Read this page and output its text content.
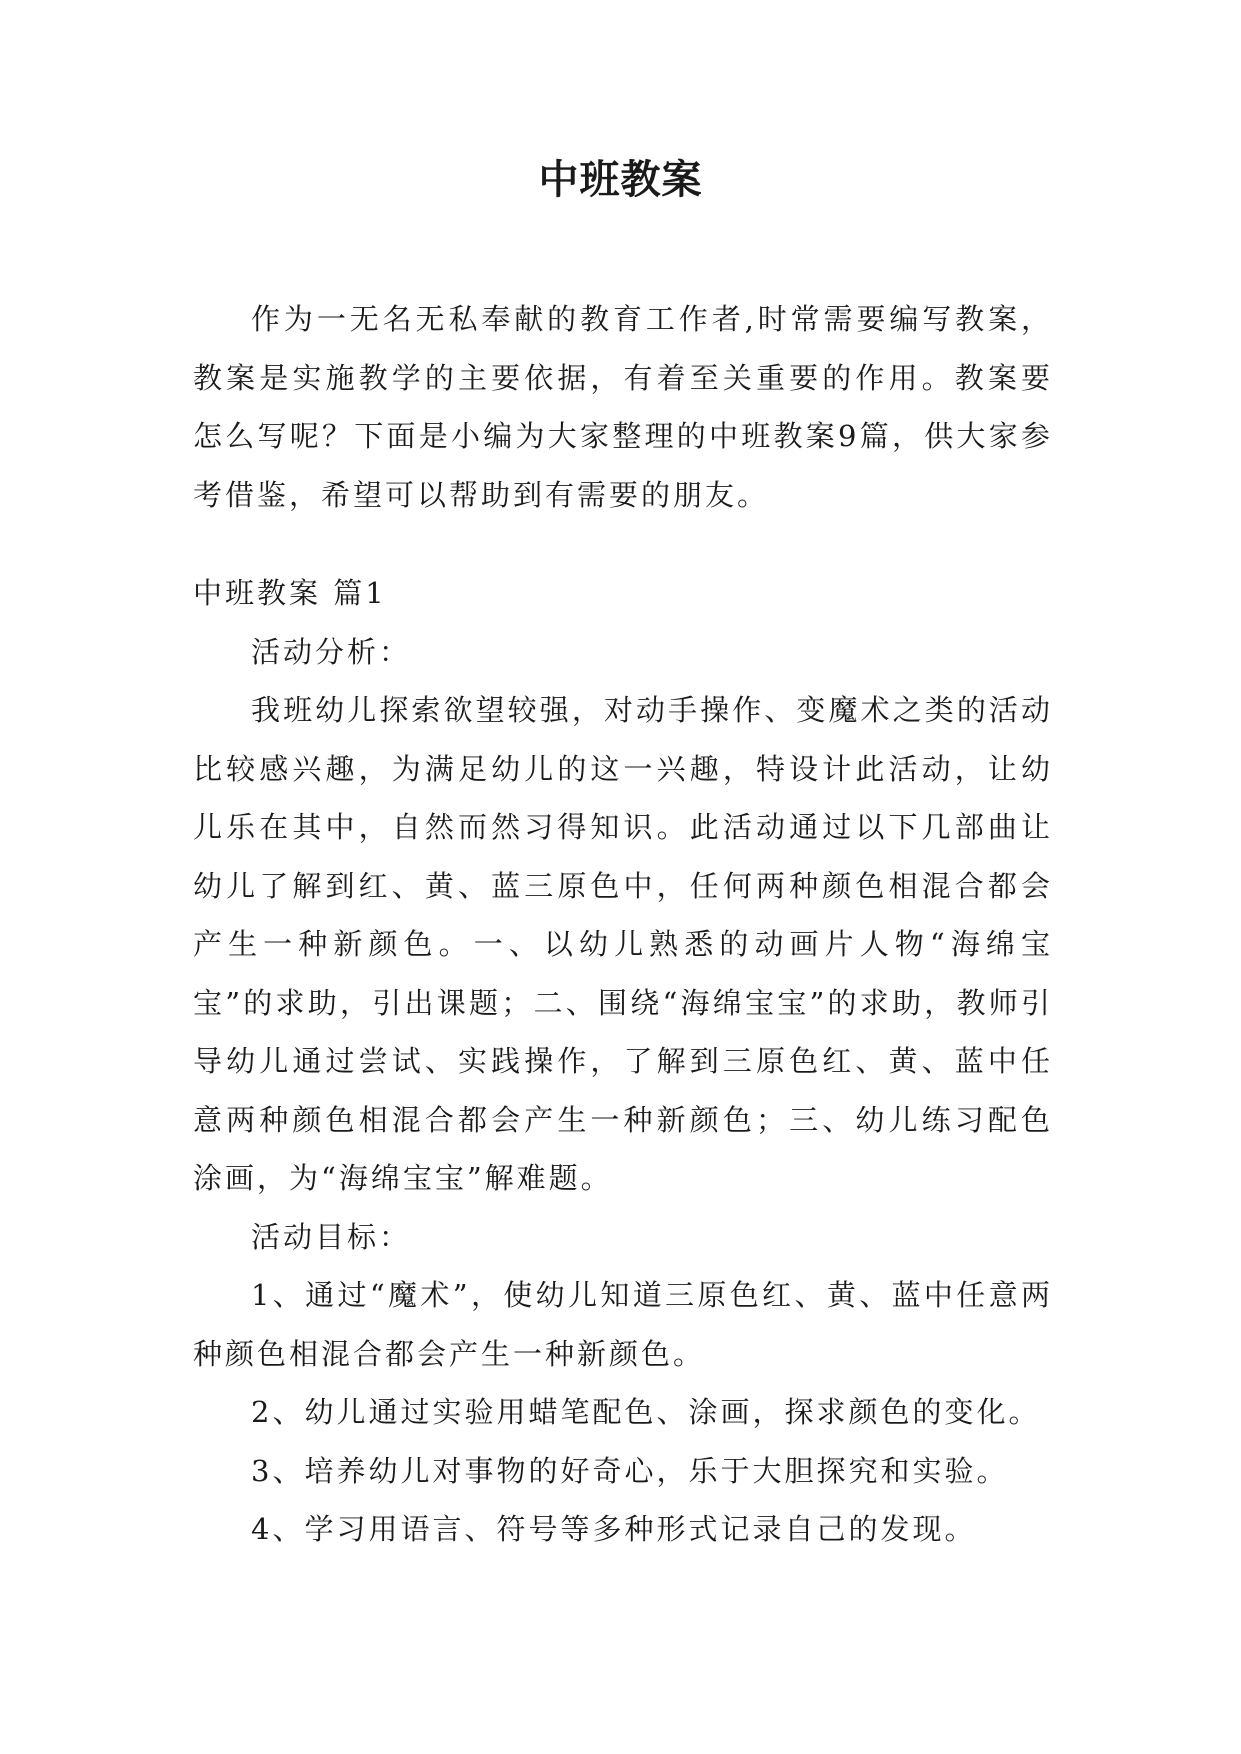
中班教案

作为一无名无私奉献的教育工作者,时常需要编写教案，教案是实施教学的主要依据，有着至关重要的作用。教案要怎么写呢？下面是小编为大家整理的中班教案9篇，供大家参考借鉴，希望可以帮助到有需要的朋友。

中班教案 篇1

活动分析：

我班幼儿探索欲望较强，对动手操作、变魔术之类的活动比较感兴趣，为满足幼儿的这一兴趣，特设计此活动，让幼儿乐在其中，自然而然习得知识。此活动通过以下几部曲让幼儿了解到红、黄、蓝三原色中，任何两种颜色相混合都会产生一种新颜色。一、以幼儿熟悉的动画片人物“海绵宝宝”的求助，引出课题；二、围绕“海绵宝宝”的求助，教师引导幼儿通过尝试、实践操作，了解到三原色红、黄、蓝中任意两种颜色相混合都会产生一种新颜色；三、幼儿练习配色涂画，为“海绵宝宝”解难题。

活动目标：

1、通过“魔术”，使幼儿知道三原色红、黄、蓝中任意两种颜色相混合都会产生一种新颜色。

2、幼儿通过实验用蜡笔配色、涂画，探求颜色的变化。

3、培养幼儿对事物的好奇心，乐于大胆探究和实验。

4、学习用语言、符号等多种形式记录自己的发现。
